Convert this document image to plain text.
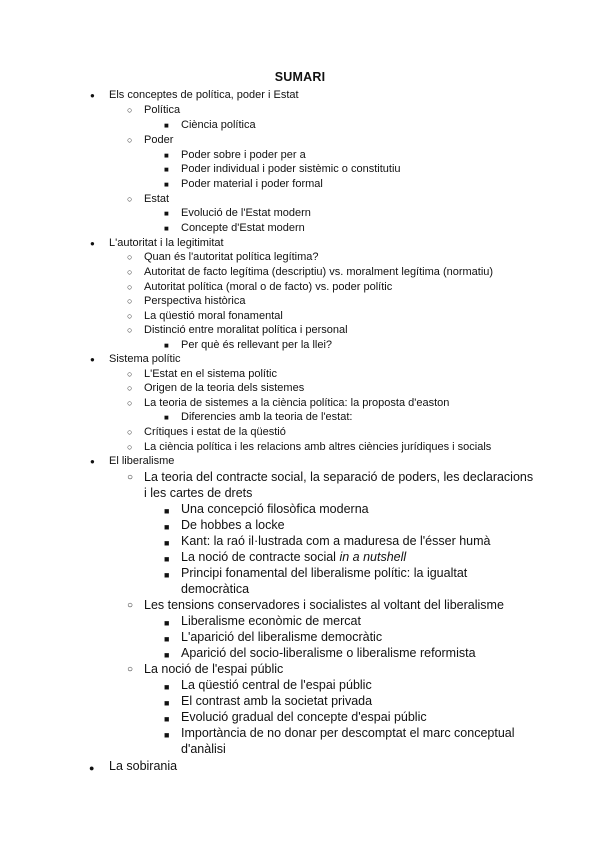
SUMARI
● Els conceptes de política, poder i Estat
○ Política
■ Ciència política
○ Poder
■ Poder sobre i poder per a
■ Poder individual i poder sistèmic o constitutiu
■ Poder material i poder formal
○ Estat
■ Evolució de l'Estat modern
■ Concepte d'Estat modern
● L'autoritat i la legitimitat
○ Quan és l'autoritat política legítima?
○ Autoritat de facto legítima (descriptiu) vs. moralment legítima (normatiu)
○ Autoritat política (moral o de facto) vs. poder polític
○ Perspectiva històrica
○ La qüestió moral fonamental
○ Distinció entre moralitat política i personal
■ Per què és rellevant per la llei?
● Sistema polític
○ L'Estat en el sistema polític
○ Origen de la teoria dels sistemes
○ La teoria de sistemes a la ciència política: la proposta d'easton
■ Diferencies amb la teoria de l'estat:
○ Crítiques i estat de la qüestió
○ La ciència política i les relacions amb altres ciències jurídiques i socials
● El liberalisme
○ La teoria del contracte social, la separació de poders, les declaracions
i les cartes de drets
■ Una concepció filosòfica moderna
■ De hobbes a locke
■ Kant: la raó il·lustrada com a maduresa de l'ésser humà
■ La noció de contracte social in a nutshell
■ Principi fonamental del liberalisme polític: la igualtat
democràtica
○ Les tensions conservadores i socialistes al voltant del liberalisme
■ Liberalisme econòmic de mercat
■ L'aparició del liberalisme democràtic
■ Aparició del socio-liberalisme o liberalisme reformista
○ La noció de l'espai públic
■ La qüestió central de l'espai públic
■ El contrast amb la societat privada
■ Evolució gradual del concepte d'espai públic
■ Importància de no donar per descomptat el marc conceptual
d'anàlisi
● La sobirania
